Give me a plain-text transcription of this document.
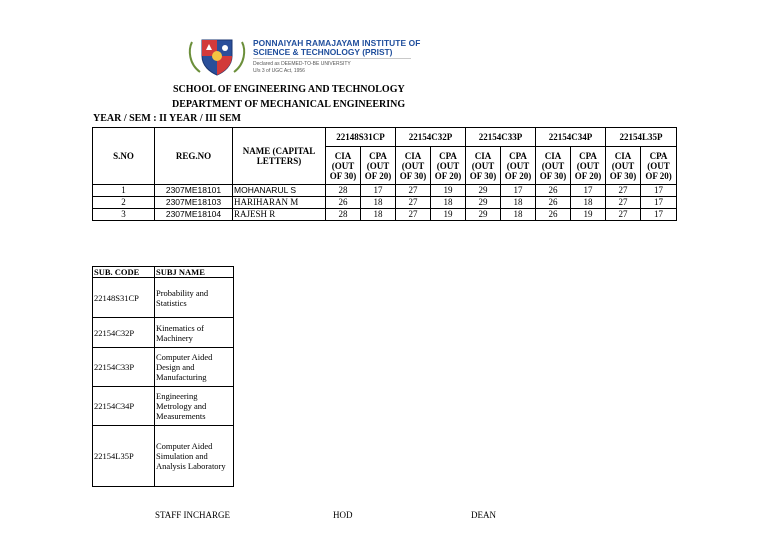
PONNAIYAH RAMAJAYAM INSTITUTE OF
SCIENCE & TECHNOLOGY (PRIST)
Declared as DEEMED-TO-BE UNIVERSITY
U/s 3 of UGC Act, 1956
SCHOOL OF ENGINEERING AND TECHNOLOGY
DEPARTMENT OF MECHANICAL ENGINEERING
YEAR / SEM : II YEAR / III SEM
S.NO	REG.NO	NAME (CAPITAL LETTERS)	22148S31CP		22154C32P		22154C33P		22154C34P		22154L35P	
			CIA (OUT OF 30)	CPA (OUT OF 20)	CIA (OUT OF 30)	CPA (OUT OF 20)	CIA (OUT OF 30)	CPA (OUT OF 20)	CIA (OUT OF 30)	CPA (OUT OF 20)	CIA (OUT OF 30)	CPA (OUT OF 20)
1	2307ME18101	MOHANARUL S	28	17	27	19	29	17	26	17	27	17
2	2307ME18103	HARIHARAN M	26	18	27	18	29	18	26	18	27	17
3	2307ME18104	RAJESH R	28	18	27	19	29	18	26	19	27	17
SUB. CODE	SUBJ NAME
22148S31CP	Probability and Statistics
22154C32P	Kinematics of Machinery
22154C33P	Computer Aided Design and Manufacturing
22154C34P	Engineering Metrology and Measurements
22154L35P	Computer Aided Simulation and Analysis Laboratory
STAFF INCHARGE	HOD	DEAN
